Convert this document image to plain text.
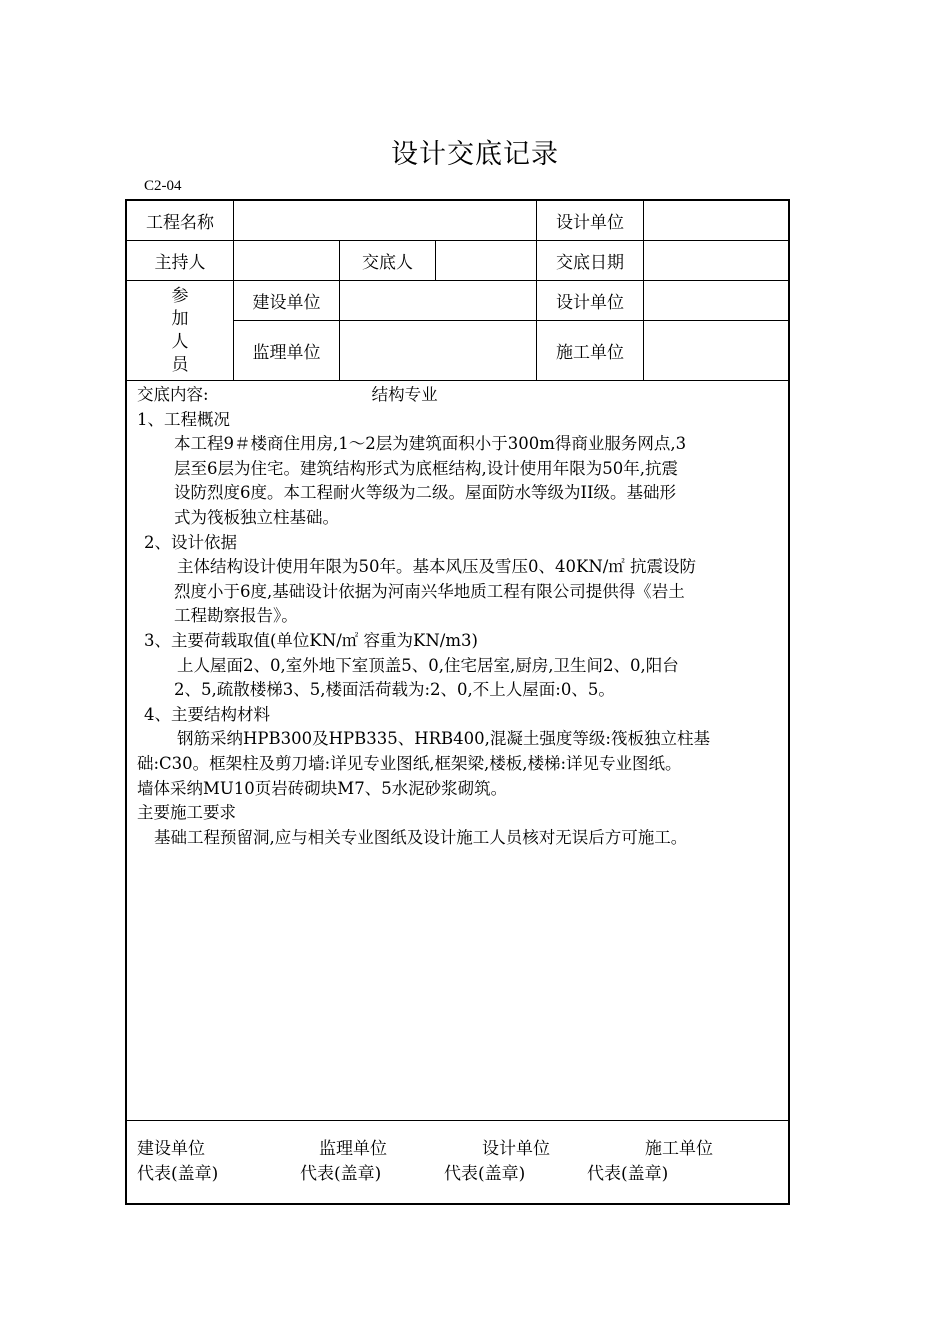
设计交底记录
C2-04
工程名称	设计单位
主持人	交底人	交底日期
参
加
人
员
建设单位	设计单位
监理单位	施工单位
交底内容:	结构专业
1、工程概况
本工程9＃楼商住用房,1～2层为建筑面积小于300m得商业服务网点,3
层至6层为住宅。建筑结构形式为底框结构,设计使用年限为50年,抗震
设防烈度6度。本工程耐火等级为二级。屋面防水等级为II级。基础形
式为筏板独立柱基础。
2、设计依据
主体结构设计使用年限为50年。基本风压及雪压0、40KN/㎡ 抗震设防
烈度小于6度,基础设计依据为河南兴华地质工程有限公司提供得《岩土
工程勘察报告》。
3、主要荷载取值(单位KN/㎡ 容重为KN/m3)
上人屋面2、0,室外地下室顶盖5、0,住宅居室,厨房,卫生间2、0,阳台
2、5,疏散楼梯3、5,楼面活荷载为:2、0,不上人屋面:0、5。
4、主要结构材料
钢筋采纳HPB300及HPB335、HRB400,混凝土强度等级:筏板独立柱基
础:C30。框架柱及剪刀墙:详见专业图纸,框架梁,楼板,楼梯:详见专业图纸。
墙体采纳MU10页岩砖砌块M7、5水泥砂浆砌筑。
主要施工要求
基础工程预留洞,应与相关专业图纸及设计施工人员核对无误后方可施工。
建设单位	监理单位	设计单位	施工单位
代表(盖章)	代表(盖章)	代表(盖章)	代表(盖章)
